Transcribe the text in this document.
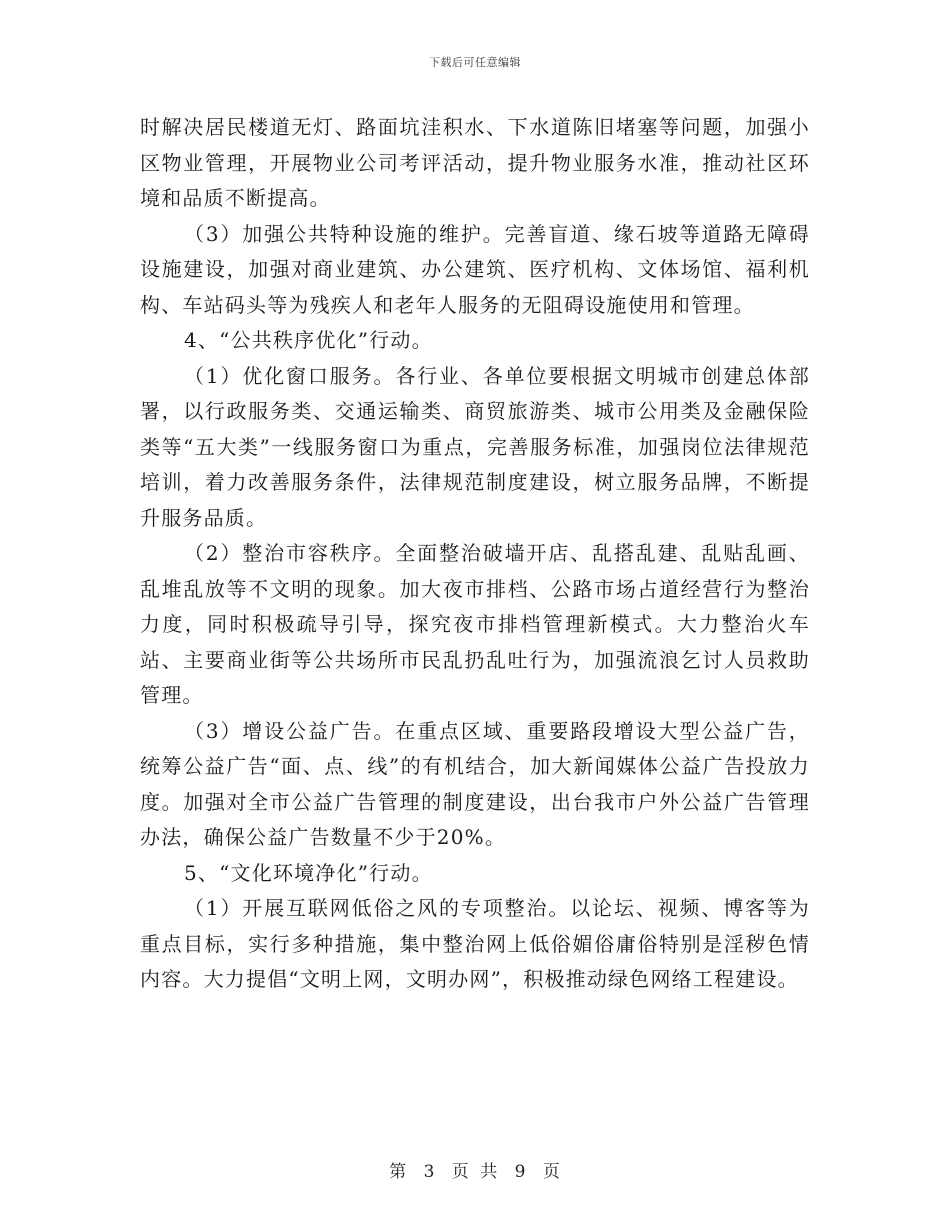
下载后可任意编辑

时解决居民楼道无灯、路面坑洼积水、下水道陈旧堵塞等问题，加强小区物业管理，开展物业公司考评活动，提升物业服务水准，推动社区环境和品质不断提高。

（3）加强公共特种设施的维护。完善盲道、缘石坡等道路无障碍设施建设，加强对商业建筑、办公建筑、医疗机构、文体场馆、福利机构、车站码头等为残疾人和老年人服务的无阻碍设施使用和管理。

4、“公共秩序优化”行动。

（1）优化窗口服务。各行业、各单位要根据文明城市创建总体部署，以行政服务类、交通运输类、商贸旅游类、城市公用类及金融保险类等“五大类”一线服务窗口为重点，完善服务标准，加强岗位法律规范培训，着力改善服务条件，法律规范制度建设，树立服务品牌，不断提升服务品质。

（2）整治市容秩序。全面整治破墙开店、乱搭乱建、乱贴乱画、乱堆乱放等不文明的现象。加大夜市排档、公路市场占道经营行为整治力度，同时积极疏导引导，探究夜市排档管理新模式。大力整治火车站、主要商业街等公共场所市民乱扔乱吐行为，加强流浪乞讨人员救助管理。

（3）增设公益广告。在重点区域、重要路段增设大型公益广告，统筹公益广告“面、点、线”的有机结合，加大新闻媒体公益广告投放力度。加强对全市公益广告管理的制度建设，出台我市户外公益广告管理办法，确保公益广告数量不少于20%。

5、“文化环境净化”行动。

（1）开展互联网低俗之风的专项整治。以论坛、视频、博客等为重点目标，实行多种措施，集中整治网上低俗媚俗庸俗特别是淫秽色情内容。大力提倡“文明上网，文明办网”，积极推动绿色网络工程建设。

第 3 页 共 9 页
